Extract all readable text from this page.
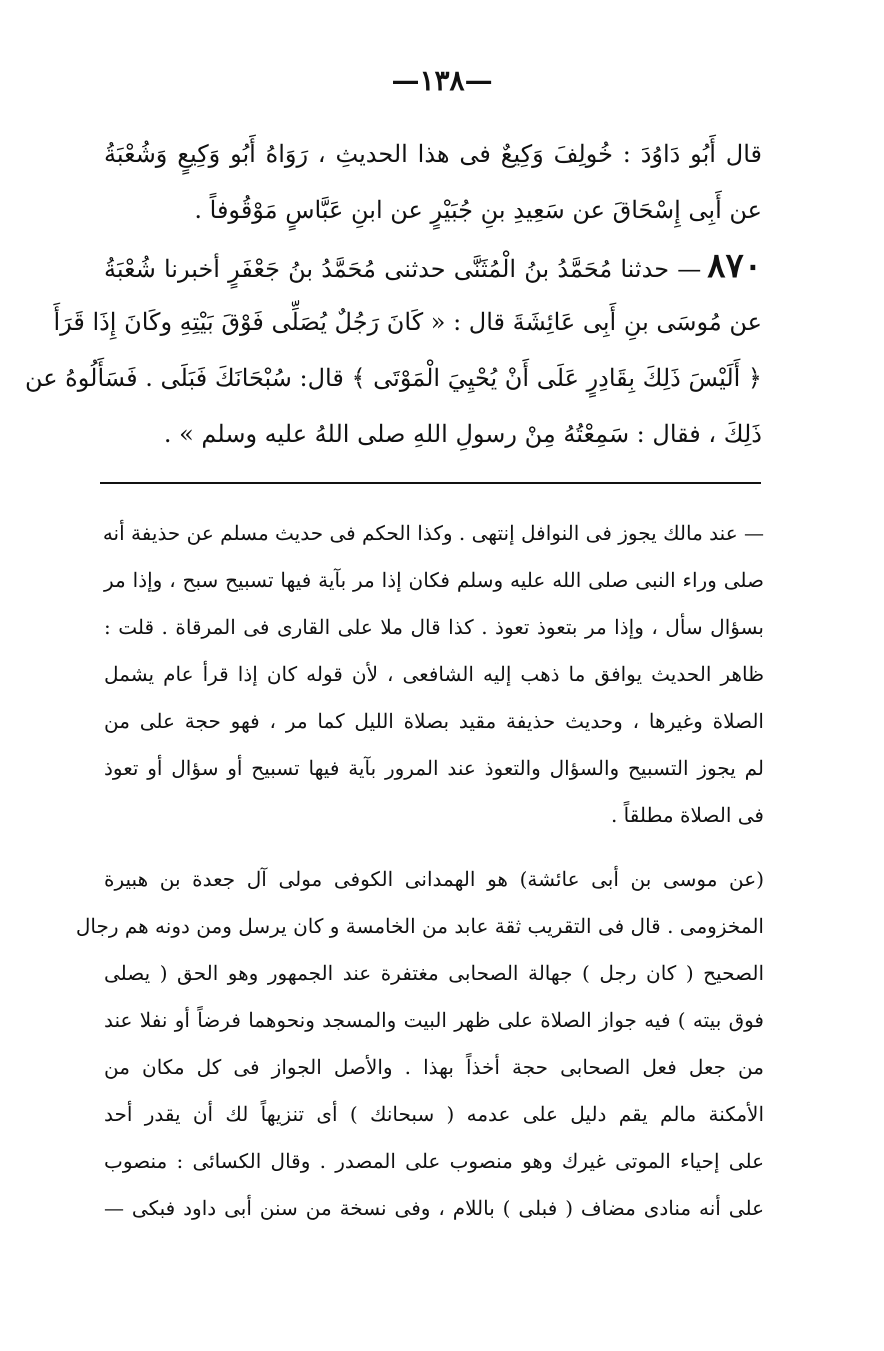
—١٣٨—
قال أَبُو دَاوُدَ : خُولِفَ وَكِيعٌ فى هذا الحديثِ ، رَوَاهُ أَبُو وَكِيعٍ وَشُعْبَةُ
عن أَبِى إِسْحَاقَ عن سَعِيدِ بنِ جُبَيْرٍ عن ابنِ عَبَّاسٍ مَوْقُوفاً .
٨٧٠— حدثنا مُحَمَّدُ بنُ الْمُثَنَّى حدثنى مُحَمَّدُ بنُ جَعْفَرٍ أخبرنا شُعْبَةُ
عن مُوسَى بنِ أَبِى عَائِشَةَ قال : « كَانَ رَجُلٌ يُصَلِّى فَوْقَ بَيْتِهِ وكَانَ إِذَا قَرَأَ
﴿ أَلَيْسَ ذَلِكَ بِقَادِرٍ عَلَى أَنْ يُحْيِيَ الْمَوْتَى ﴾ قال: سُبْحَانَكَ فَبَلَى . فَسَأَلُوهُ عن
ذَلِكَ ، فقال : سَمِعْتُهُ مِنْ رسولِ اللهِ صلى اللهُ عليه وسلم » .
— عند مالك يجوز فى النوافل إنتهى . وكذا الحكم فى حديث مسلم عن حذيفة أنه
صلى وراء النبى صلى الله عليه وسلم فكان إذا مر بآية فيها تسبيح سبح ، وإذا مر
بسؤال سأل ، وإذا مر بتعوذ تعوذ . كذا قال ملا على القارى فى المرقاة . قلت :
ظاهر الحديث يوافق ما ذهب إليه الشافعى ، لأن قوله كان إذا قرأ عام يشمل
الصلاة وغيرها ، وحديث حذيفة مقيد بصلاة الليل كما مر ، فهو حجة على من
لم يجوز التسبيح والسؤال والتعوذ عند المرور بآية فيها تسبيح أو سؤال أو تعوذ
فى الصلاة مطلقاً .
(عن موسى بن أبى عائشة) هو الهمدانى الكوفى مولى آل جعدة بن هبيرة
المخزومى . قال فى التقريب ثقة عابد من الخامسة و كان يرسل ومن دونه هم رجال
الصحيح ( كان رجل ) جهالة الصحابى مغتفرة عند الجمهور وهو الحق ( يصلى
فوق بيته ) فيه جواز الصلاة على ظهر البيت والمسجد ونحوهما فرضاً أو نفلا عند
من جعل فعل الصحابى حجة أخذاً بهذا . والأصل الجواز فى كل مكان من
الأمكنة مالم يقم دليل على عدمه ( سبحانك ) أى تنزيهاً لك أن يقدر أحد
على إحياء الموتى غيرك وهو منصوب على المصدر . وقال الكسائى : منصوب
على أنه منادى مضاف ( فبلى ) باللام ، وفى نسخة من سنن أبى داود فبكى —
